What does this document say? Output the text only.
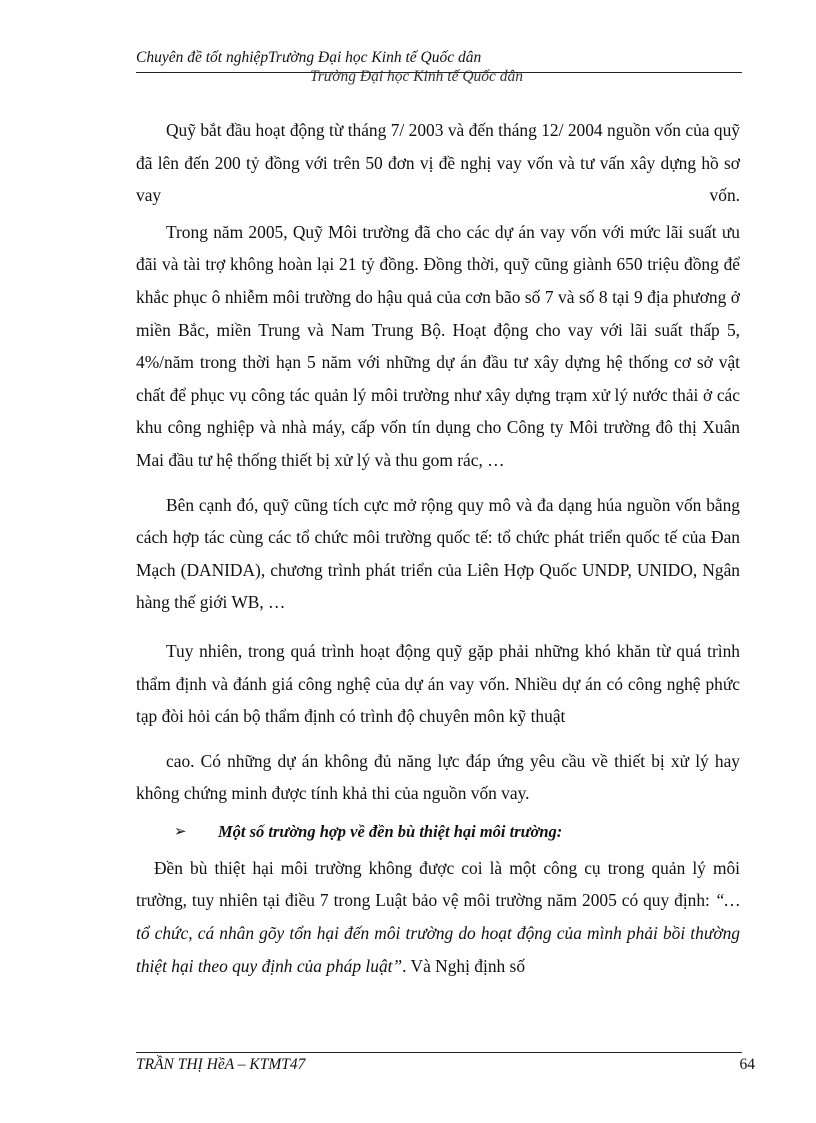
Chuyên đề tốt nghiệpTrường Đại học Kinh tế Quốc dân
Trường Đại học Kinh tế Quốc dân

Quỹ bắt đầu hoạt động từ tháng 7/ 2003 và đến tháng 12/ 2004 nguồn vốn của quỹ đã lên đến 200 tỷ đồng với trên 50 đơn vị đề nghị vay vốn và tư vấn xây dựng hồ sơ vay vốn.

Trong năm 2005, Quỹ Môi trường đã cho các dự án vay vốn với mức lãi suất ưu đãi và tài trợ không hoàn lại 21 tỷ đồng. Đồng thời, quỹ cũng giành 650 triệu đồng để khắc phục ô nhiễm môi trường do hậu quả của cơn bão số 7 và số 8 tại 9 địa phương ở miền Bắc, miền Trung và Nam Trung Bộ. Hoạt động cho vay với lãi suất thấp 5, 4%/năm trong thời hạn 5 năm với những dự án đầu tư xây dựng hệ thống cơ sở vật chất để phục vụ công tác quản lý môi trường như xây dựng trạm xử lý nước thải ở các khu công nghiệp và nhà máy, cấp vốn tín dụng cho Công ty Môi trường đô thị Xuân Mai đầu tư hệ thống thiết bị xử lý và thu gom rác, …

Bên cạnh đó, quỹ cũng tích cực mở rộng quy mô và đa dạng húa nguồn vốn bằng cách hợp tác cùng các tổ chức môi trường quốc tế: tổ chức phát triển quốc tế của Đan Mạch (DANIDA), chương trình phát triển của Liên Hợp Quốc UNDP, UNIDO, Ngân hàng thế giới WB, …

Tuy nhiên, trong quá trình hoạt động quỹ gặp phải những khó khăn từ quá trình thẩm định và đánh giá công nghệ của dự án vay vốn. Nhiều dự án có công nghệ phức tạp đòi hỏi cán bộ thẩm định có trình độ chuyên môn kỹ thuật

cao. Có những dự án không đủ năng lực đáp ứng yêu cầu về thiết bị xử lý hay không chứng minh được tính khả thi của nguồn vốn vay.

➢	Một số trường hợp về đền bù thiệt hại môi trường:

Đền bù thiệt hại môi trường không được coi là một công cụ trong quản lý môi trường, tuy nhiên tại điều 7 trong Luật bảo vệ môi trường năm 2005 có quy định: “… tổ chức, cá nhân gõy tổn hại đến môi trường do hoạt động của mình phải bồi thường thiệt hại theo quy định của pháp luật”. Và Nghị định số

TRẦN THỊ HềA – KTMT47	64
